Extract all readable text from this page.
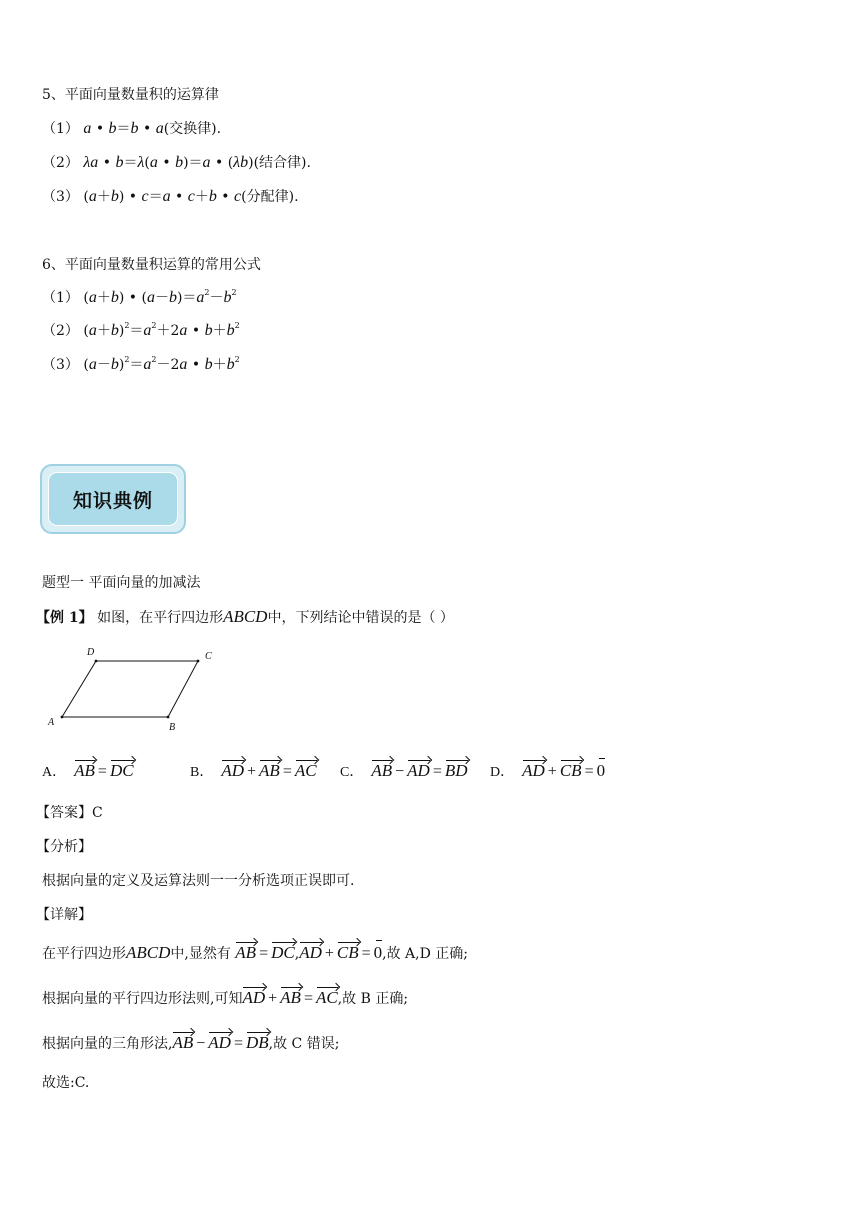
5、平面向量数量积的运算律
（1） a • b＝b • a(交换律).
（2） λa • b＝λ(a • b)＝a • (λb)(结合律).
（3） (a＋b) • c＝a • c＋b • c(分配律).
6、平面向量数量积运算的常用公式
（1） (a＋b) • $(a-b)=a^2-b^2$
（2） $(a+b)^2=a^2+2a$ • $b+b^2$
（3） $(a-b)^2=a^2-2a$ • $b+b^2$
知识典例
题型一 平面向量的加减法
【例 1】 如图，在平行四边形ABCD中，下列结论中错误的是（ ）
A	B
C
D
A． AB = DC	B． AD + AB = AC C． AB − AD = BD D． AD + CB = 0
【答案】C
【分析】
根据向量的定义及运算法则一一分析选项正误即可.
【详解】
在平行四边形ABCD中,显然有 AB = DC,AD + CB = 0,故 A,D 正确;
根据向量的平行四边形法则,可知AD + AB = AC,故 B 正确;
根据向量的三角形法,AB − AD = DB,故 C 错误;
故选:C.
